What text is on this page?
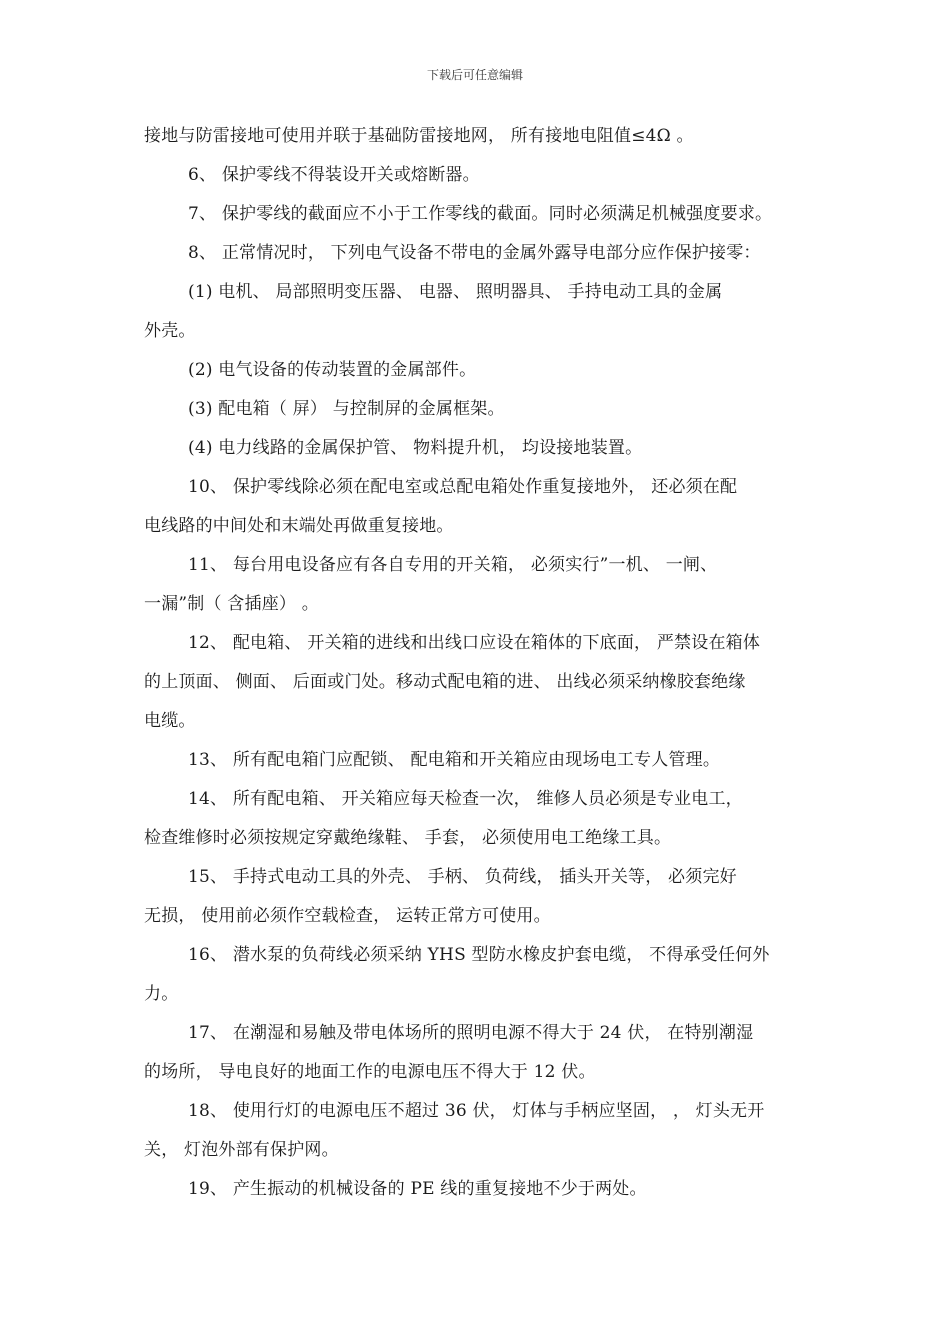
下载后可任意编辑
接地与防雷接地可使用并联于基础防雷接地网， 所有接地电阻值≤4Ω 。
6、 保护零线不得装设开关或熔断器。
7、 保护零线的截面应不小于工作零线的截面。同时必须满足机械强度要求。
8、 正常情况时， 下列电气设备不带电的金属外露导电部分应作保护接零：
(1) 电机、 局部照明变压器、 电器、 照明器具、 手持电动工具的金属
外壳。
(2) 电气设备的传动装置的金属部件。
(3) 配电箱（ 屏） 与控制屏的金属框架。
(4) 电力线路的金属保护管、 物料提升机， 均设接地装置。
10、 保护零线除必须在配电室或总配电箱处作重复接地外， 还必须在配
电线路的中间处和末端处再做重复接地。
11、 每台用电设备应有各自专用的开关箱， 必须实行”一机、 一闸、
一漏”制（ 含插座） 。
12、 配电箱、 开关箱的进线和出线口应设在箱体的下底面， 严禁设在箱体
的上顶面、 侧面、 后面或门处。移动式配电箱的进、 出线必须采纳橡胶套绝缘
电缆。
13、 所有配电箱门应配锁、 配电箱和开关箱应由现场电工专人管理。
14、 所有配电箱、 开关箱应每天检查一次， 维修人员必须是专业电工，
检查维修时必须按规定穿戴绝缘鞋、 手套， 必须使用电工绝缘工具。
15、 手持式电动工具的外壳、 手柄、 负荷线， 插头开关等， 必须完好
无损， 使用前必须作空载检查， 运转正常方可使用。
16、 潜水泵的负荷线必须采纳 YHS 型防水橡皮护套电缆， 不得承受任何外
力。
17、 在潮湿和易触及带电体场所的照明电源不得大于 24 伏， 在特别潮湿
的场所， 导电良好的地面工作的电源电压不得大于 12 伏。
18、 使用行灯的电源电压不超过 36 伏， 灯体与手柄应坚固， ， 灯头无开
关， 灯泡外部有保护网。
19、 产生振动的机械设备的 PE 线的重复接地不少于两处。
